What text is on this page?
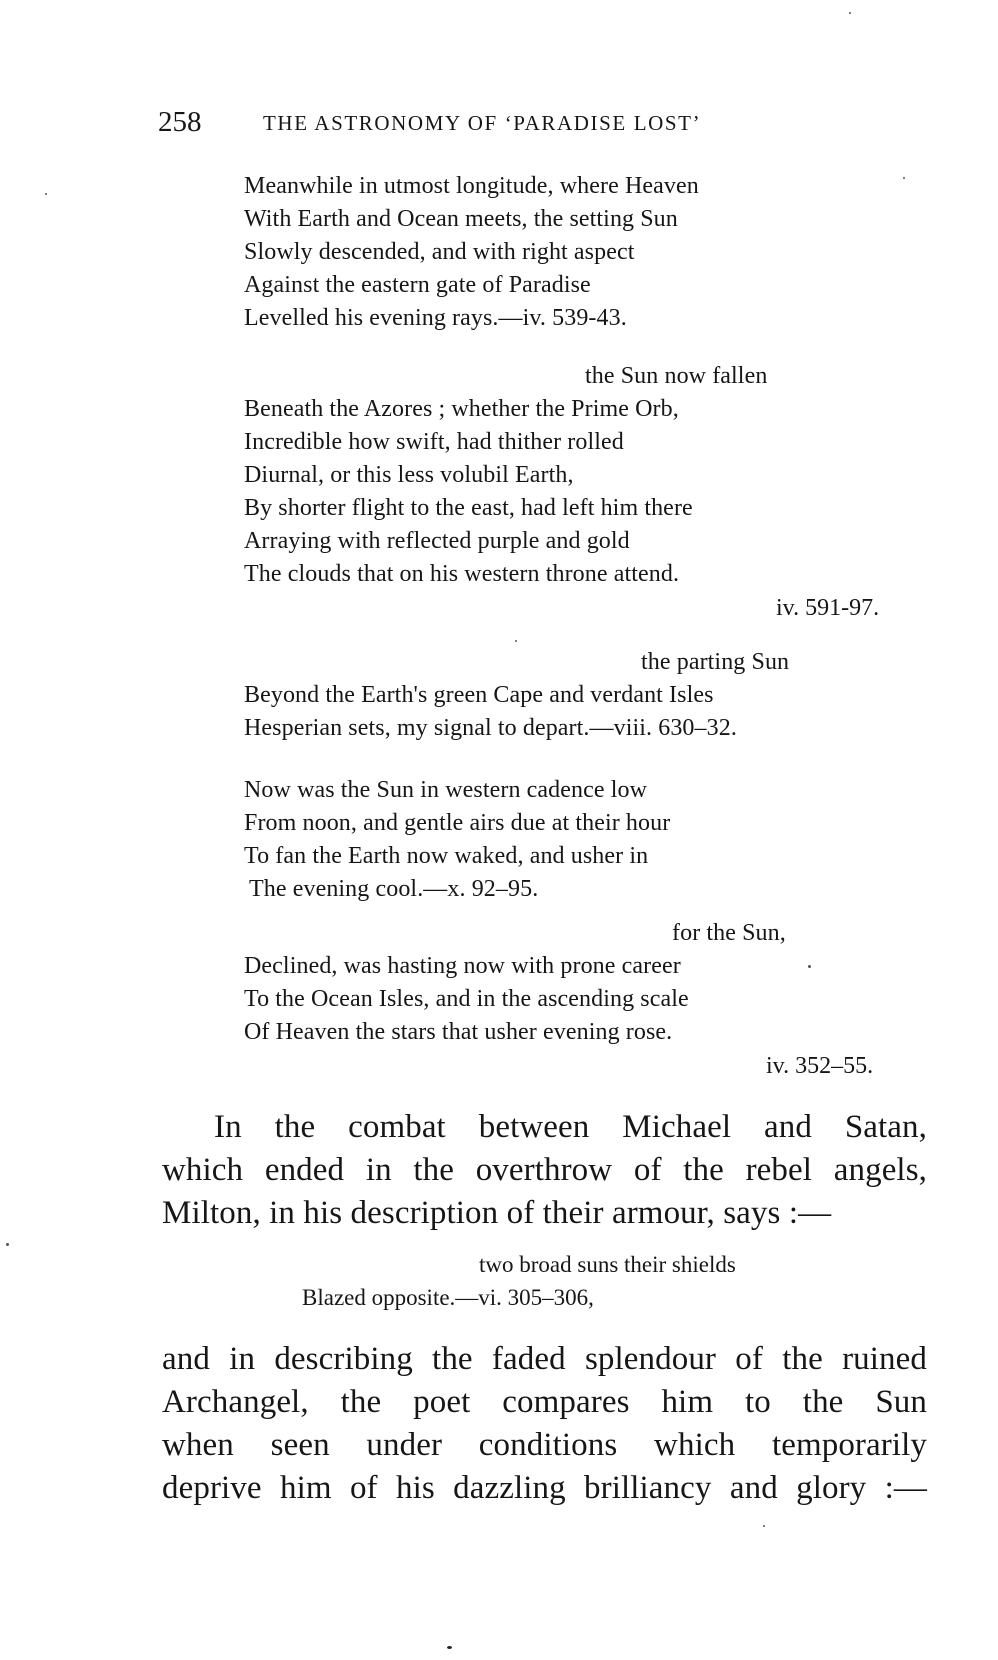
258	THE ASTRONOMY OF ‘PARADISE LOST’
Meanwhile in utmost longitude, where Heaven
With Earth and Ocean meets, the setting Sun
Slowly descended, and with right aspect
Against the eastern gate of Paradise
Levelled his evening rays.—iv. 539-43.
the Sun now fallen
Beneath the Azores ; whether the Prime Orb,
Incredible how swift, had thither rolled
Diurnal, or this less volubil Earth,
By shorter flight to the east, had left him there
Arraying with reflected purple and gold
The clouds that on his western throne attend.
iv. 591-97.
the parting Sun
Beyond the Earth's green Cape and verdant Isles
Hesperian sets, my signal to depart.—viii. 630–32.
Now was the Sun in western cadence low
From noon, and gentle airs due at their hour
To fan the Earth now waked, and usher in
The evening cool.—x. 92–95.
for the Sun,
Declined, was hasting now with prone career
To the Ocean Isles, and in the ascending scale
Of Heaven the stars that usher evening rose.
iv. 352–55.
In the combat between Michael and Satan,
which ended in the overthrow of the rebel angels,
Milton, in his description of their armour, says :—
two broad suns their shields
Blazed opposite.—vi. 305–306,
and in describing the faded splendour of the ruined
Archangel, the poet compares him to the Sun
when seen under conditions which temporarily
deprive him of his dazzling brilliancy and glory :—
